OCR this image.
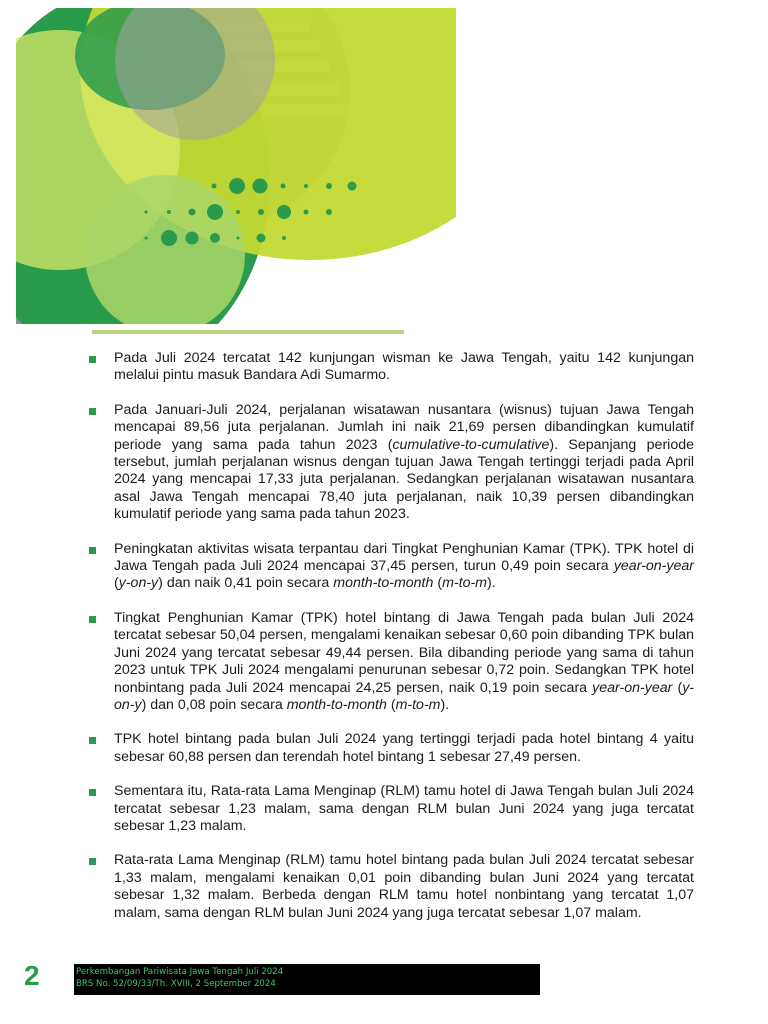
Pada Juli 2024 tercatat 142 kunjungan wisman ke Jawa Tengah, yaitu 142 kunjungan melalui pintu masuk Bandara Adi Sumarmo.
Pada Januari-Juli 2024, perjalanan wisatawan nusantara (wisnus) tujuan Jawa Tengah mencapai 89,56 juta perjalanan. Jumlah ini naik 21,69 persen dibandingkan kumulatif periode yang sama pada tahun 2023 (cumulative-to-cumulative). Sepanjang periode tersebut, jumlah perjalanan wisnus dengan tujuan Jawa Tengah tertinggi terjadi pada April 2024 yang mencapai 17,33 juta perjalanan. Sedangkan perjalanan wisatawan nusantara asal Jawa Tengah mencapai 78,40 juta perjalanan, naik 10,39 persen dibandingkan kumulatif periode yang sama pada tahun 2023.
Peningkatan aktivitas wisata terpantau dari Tingkat Penghunian Kamar (TPK). TPK hotel di Jawa Tengah pada Juli 2024 mencapai 37,45 persen, turun 0,49 poin secara year-on-year (y-on-y) dan naik 0,41 poin secara month-to-month (m-to-m).
Tingkat Penghunian Kamar (TPK) hotel bintang di Jawa Tengah pada bulan Juli 2024 tercatat sebesar 50,04 persen, mengalami kenaikan sebesar 0,60 poin dibanding TPK bulan Juni 2024 yang tercatat sebesar 49,44 persen. Bila dibanding periode yang sama di tahun 2023 untuk TPK Juli 2024 mengalami penurunan sebesar 0,72 poin. Sedangkan TPK hotel nonbintang pada Juli 2024 mencapai 24,25 persen, naik 0,19 poin secara year-on-year (y-on-y) dan 0,08 poin secara month-to-month (m-to-m).
TPK hotel bintang pada bulan Juli 2024 yang tertinggi terjadi pada hotel bintang 4 yaitu sebesar 60,88 persen dan terendah hotel bintang 1 sebesar 27,49 persen.
Sementara itu, Rata-rata Lama Menginap (RLM) tamu hotel di Jawa Tengah bulan Juli 2024 tercatat sebesar 1,23 malam, sama dengan RLM bulan Juni 2024 yang juga tercatat sebesar 1,23 malam.
Rata-rata Lama Menginap (RLM) tamu hotel bintang pada bulan Juli 2024 tercatat sebesar 1,33 malam, mengalami kenaikan 0,01 poin dibanding bulan Juni 2024 yang tercatat sebesar 1,32 malam. Berbeda dengan RLM tamu hotel nonbintang yang tercatat 1,07 malam, sama dengan RLM bulan Juni 2024 yang juga tercatat sebesar 1,07 malam.
2	Perkembangan Pariwisata Jawa Tengah Juli 2024
BRS No. 52/09/33/Th. XVIII, 2 September 2024
